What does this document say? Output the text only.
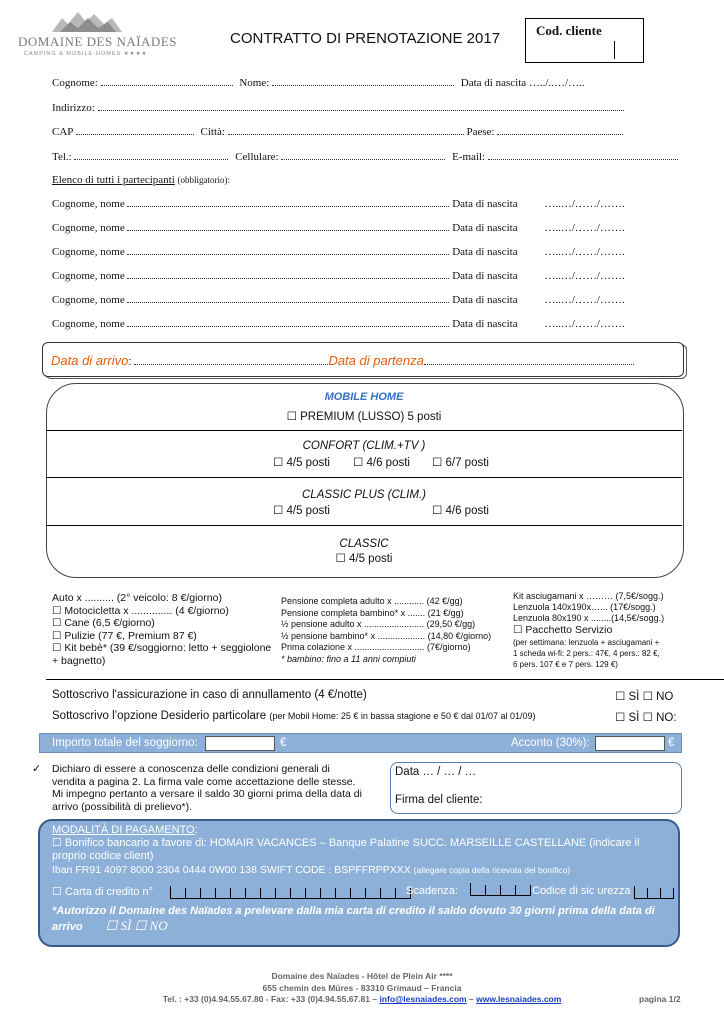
DOMAINE DES NAÏADES
CAMPING & MOBILE-HOMES ★★★★
CONTRATTO DI PRENOTAZIONE 2017	Cod. cliente
Cognome:	Nome:	Data di nascita …../..…/…..
Indirizzo:
CAP	Città:	Paese:
Tel.:	Cellulare:	E-mail:
Elenco di tutti i partecipanti (obbligatorio):
Cognome, nome	Data di nascita …..…/……/…….
Cognome, nome	Data di nascita …..…/……/…….
Cognome, nome	Data di nascita …..…/……/…….
Cognome, nome	Data di nascita …..…/……/…….
Cognome, nome	Data di nascita …..…/……/…….
Cognome, nome	Data di nascita …..…/……/…….
Data di arrivo:	Data di partenza
MOBILE HOME
☐ PREMIUM (LUSSO) 5 posti
CONFORT (CLIM.+TV )
☐ 4/5 posti ☐ 4/6 posti ☐ 6/7 posti
CLASSIC PLUS (CLIM.)
☐ 4/5 posti	☐ 4/6 posti
CLASSIC
☐ 4/5 posti
Auto x .......... (2° veicolo: 8 €/giorno)
☐ Motocicletta x .............. (4 €/giorno)
☐ Cane (6,5 €/giorno)
☐ Pulizie (77 €, Premium 87 €)
☐ Kit bebè* (39 €/soggiorno: letto + seggiolone
+ bagnetto)
Pensione completa adulto x ............ (42 €/gg)
Pensione completa bambino* x ....... (21 €/gg)
½ pensione adulto x ........................ (29,50 €/gg)
½ pensione bambino* x ................... (14,80 €/giorno)
Prima colazione x ............................ (7€/giorno)
* bambino: fino a 11 anni compiuti
Kit asciugamani x ……… (7,5€/sogg.)
Lenzuola 140x190x…... (17€/sogg.)
Lenzuola 80x190 x ........(14,5€/sogg.)
☐ Pacchetto Servizio
(per settimana: lenzuola + asciugamani +
1 scheda wi-fi: 2 pers.: 47€, 4 pers.: 82 €,
6 pers. 107 € e 7 pers. 129 €)
Sottoscrivo l'assicurazione in caso di annullamento (4 €/notte)	☐ SÌ ☐ NO
Sottoscrivo l’opzione Desiderio particolare (per Mobil Home: 25 € in bassa stagione e 50 € dal 01/07 al 01/09)	☐ SÌ ☐ NO:
Importo totale del soggiorno:	€	Acconto (30%):	€
✓ Dichiaro di essere a conoscenza delle condizioni generali di vendita a pagina 2. La firma vale come accettazione delle stesse. Mi impegno pertanto a versare il saldo 30 giorni prima della data di arrivo (possibilità di prelievo*).
Data … / … / …
Firma del cliente:
MODALITÀ DI PAGAMENTO:
☐ Bonifico bancario a favore di: HOMAIR VACANCES – Banque Palatine SUCC. MARSEILLE CASTELLANE (indicare il proprio codice client)
Iban FR91 4097 8000 2304 0444 0W00 138 SWIFT CODE : BSPFFRPPXXX (allegare copia della ricevuta del bonifico)
☐ Carta di credito n°	Scadenza:	Codice di sic urezza
*Autorizzo il Domaine des Naïades a prelevare dalla mia carta di credito il saldo dovuto 30 giorni prima della data di arrivo ☐ SÌ ☐ NO
Domaine des Naïades - Hôtel de Plein Air ****
655 chemin des Mûres - 83310 Grimaud – Francia
Tel. : +33 (0)4.94.55.67.80 - Fax: +33 (0)4.94.55.67.81 – info@lesnaiades.com – www.lesnaiades.com	pagina 1/2
